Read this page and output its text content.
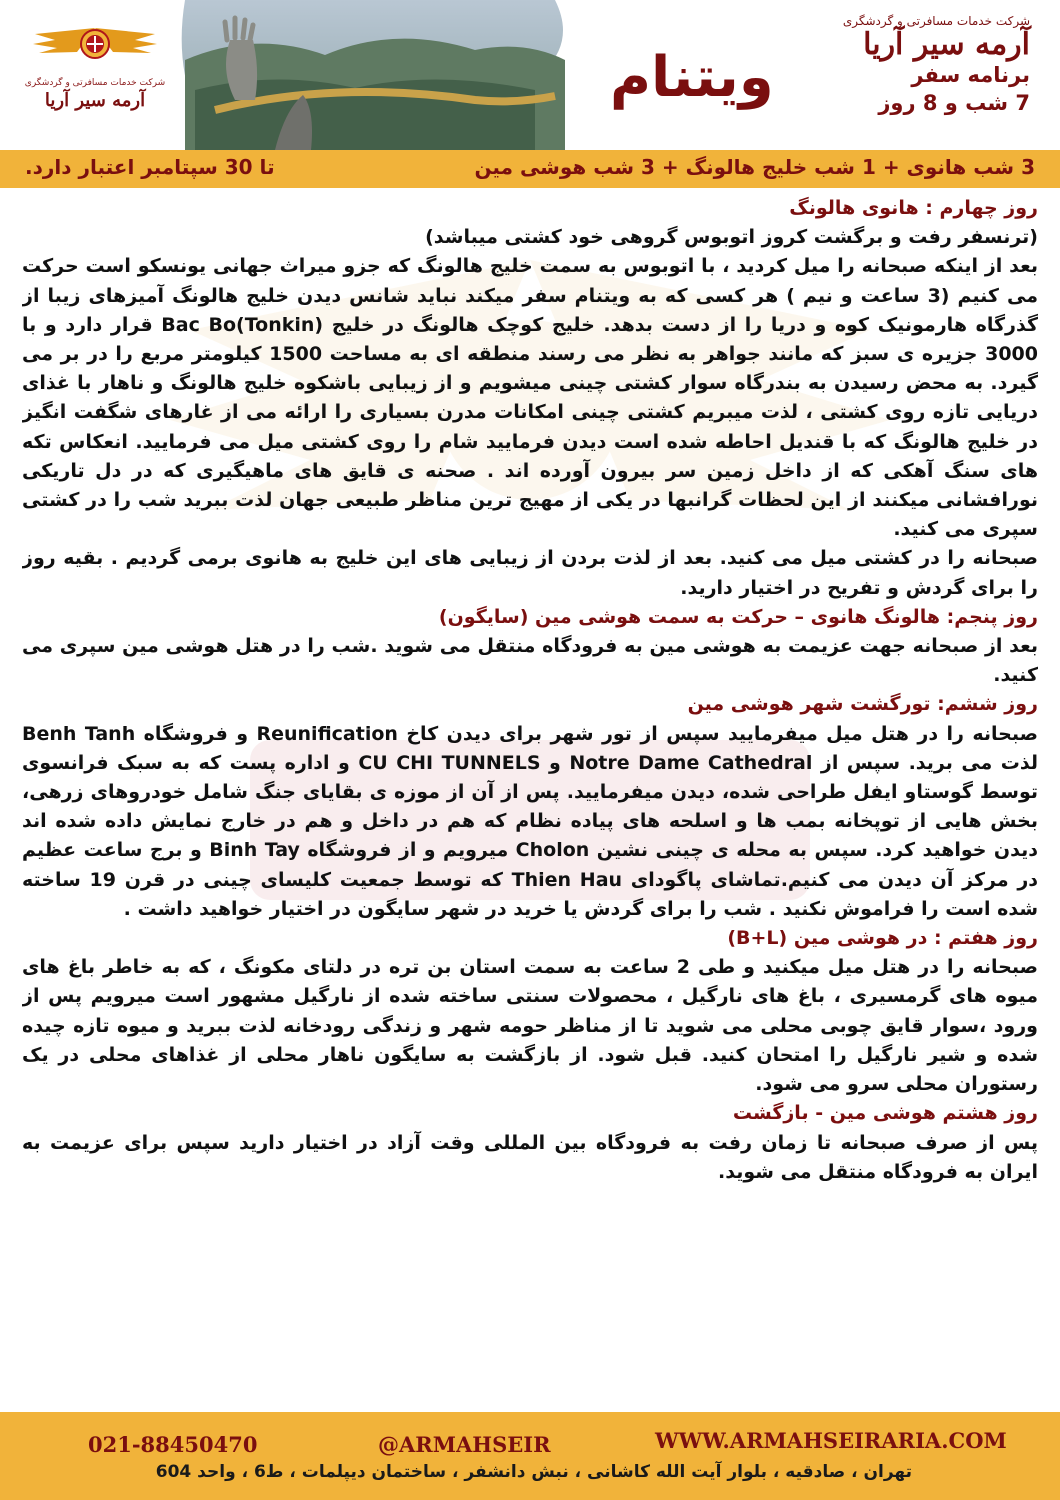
شرکت خدمات مسافرتی و گردشگری
آرمه سیر آریا	ویتنام
شرکت خدمات مسافرتی و گردشگری
آرمه سیر آریا
برنامه سفر
7 شب و 8 روز
3 شب هانوی + 1 شب خلیج هالونگ + 3 شب هوشی مین
تا 30 سپتامبر اعتبار دارد.

روز چهارم : هانوی هالونگ

(ترنسفر رفت و برگشت کروز اتوبوس گروهی خود کشتی میباشد)

بعد از اینکه صبحانه را میل کردید ، با اتوبوس به سمت خلیج هالونگ که جزو میراث جهانی یونسکو است حرکت می کنیم (3 ساعت و نیم ) هر کسی که به ویتنام سفر میکند نباید شانس دیدن خلیج هالونگ آمیزهای زیبا از گذرگاه هارمونیک کوه و دریا را از دست بدهد. خلیج کوچک هالونگ در خلیج Bac Bo(Tonkin) قرار دارد و با 3000 جزیره ی سبز که مانند جواهر به نظر می رسند منطقه ای به مساحت 1500 کیلومتر مربع را در بر می گیرد. به محض رسیدن به بندرگاه سوار کشتی چینی میشویم و از زیبایی باشکوه خلیج هالونگ و ناهار با غذای دریایی تازه روی کشتی ، لذت میبریم کشتی چینی امکانات مدرن بسیاری را ارائه می از غارهای شگفت انگیز در خلیج هالونگ که با قندیل احاطه شده است دیدن فرمایید شام را روی کشتی میل می فرمایید. انعکاس تکه های سنگ آهکی که از داخل زمین سر بیرون آورده اند . صحنه ی قایق های ماهیگیری که در دل تاریکی نورافشانی میکنند از این لحظات گرانبها در یکی از مهیج ترین مناظر طبیعی جهان لذت ببرید شب را در کشتی سپری می کنید.

صبحانه را در کشتی میل می کنید. بعد از لذت بردن از زیبایی های این خلیج به هانوی برمی گردیم . بقیه روز را برای گردش و تفریح در اختیار دارید.

روز پنجم: هالونگ هانوی – حرکت به سمت هوشی مین (سایگون)

بعد از صبحانه جهت عزیمت به هوشی مین به فرودگاه منتقل می شوید .شب را در هتل هوشی مین سپری می کنید.

روز ششم: تورگشت شهر هوشی مین

صبحانه را در هتل میل میفرمایید سپس از تور شهر برای دیدن کاخ Reunification و فروشگاه Benh Tanh لذت می برید. سپس از Notre Dame Cathedral و CU CHI TUNNELS و اداره پست که به سبک فرانسوی توسط گوستاو ایفل طراحی شده، دیدن میفرمایید. پس از آن از موزه ی بقایای جنگ شامل خودروهای زرهی، بخش هایی از توپخانه بمب ها و اسلحه های پیاده نظام که هم در داخل و هم در خارج نمایش داده شده اند دیدن خواهید کرد. سپس به محله ی چینی نشین Cholon میرویم و از فروشگاه Binh Tay و برج ساعت عظیم در مرکز آن دیدن می کنیم.تماشای پاگودای Thien Hau که توسط جمعیت کلیسای چینی در قرن 19 ساخته شده است را فراموش نکنید . شب را برای گردش یا خرید در شهر سایگون در اختیار خواهید داشت .

روز هفتم : در هوشی مین (B+L)

صبحانه را در هتل میل میکنید و طی 2 ساعت به سمت استان بن تره در دلتای مکونگ ، که به خاطر باغ های میوه های گرمسیری ، باغ های نارگیل ، محصولات سنتی ساخته شده از نارگیل مشهور است میرویم پس از ورود ،سوار قایق چوبی محلی می شوید تا از مناظر حومه شهر و زندگی رودخانه لذت ببرید و میوه تازه چیده شده و شیر نارگیل را امتحان کنید. قبل شود. از بازگشت به سایگون ناهار محلی از غذاهای محلی در یک رستوران محلی سرو می شود.

روز هشتم هوشی مین - بازگشت

پس از صرف صبحانه تا زمان رفت به فرودگاه بین المللی وقت آزاد در اختیار دارید سپس برای عزیمت به ایران به فرودگاه منتقل می شوید.

021-88450470	@ARMAHSEIR	WWW.ARMAHSEIRARIA.COM
تهران ، صادقیه ، بلوار آیت الله کاشانی ، نبش دانشفر ، ساختمان دیپلمات ، ط6 ، واحد 604
